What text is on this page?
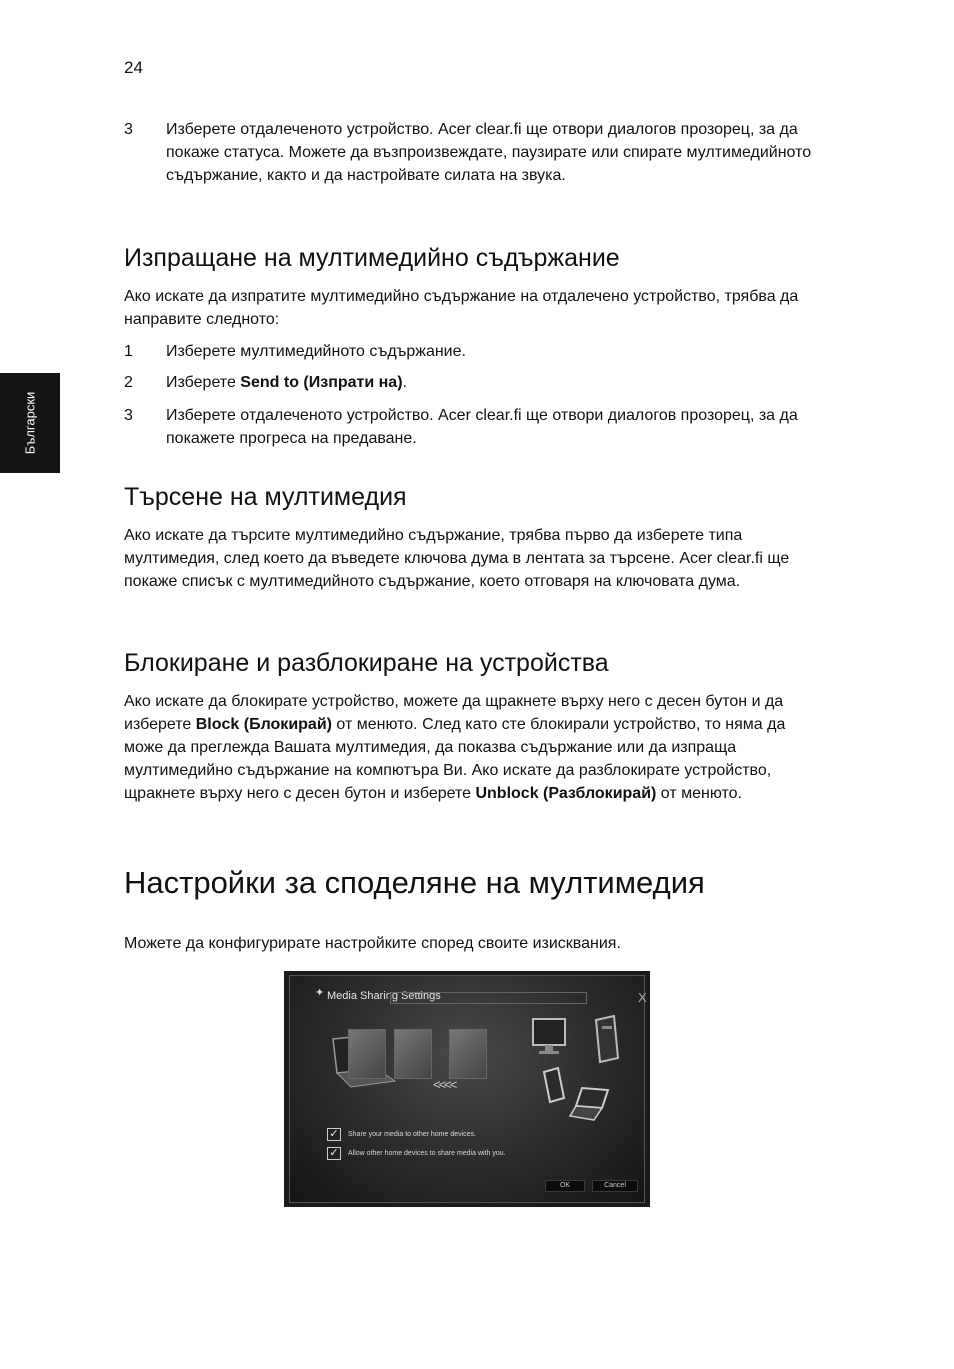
24
Български
3 Изберете отдалеченото устройство. Acer clear.fi ще отвори диалогов прозорец, за да покаже статуса. Можете да възпроизвеждате, паузирате или спирате мултимедийното съдържание, както и да настройвате силата на звука.
Изпращане на мултимедийно съдържание
Ако искате да изпратите мултимедийно съдържание на отдалечено устройство, трябва да направите следното:
1 Изберете мултимедийното съдържание.
2 Изберете Send to (Изпрати на).
3 Изберете отдалеченото устройство. Acer clear.fi ще отвори диалогов прозорец, за да покажете прогреса на предаване.
Търсене на мултимедия
Ако искате да търсите мултимедийно съдържание, трябва първо да изберете типа мултимедия, след което да въведете ключова дума в лентата за търсене. Acer clear.fi ще покаже списък с мултимедийното съдържание, което отговаря на ключовата дума.
Блокиране и разблокиране на устройства
Ако искате да блокирате устройство, можете да щракнете върху него с десен бутон и да изберете Block (Блокирай) от менюто. След като сте блокирали устройство, то няма да може да преглежда Вашата мултимедия, да показва съдържание или да изпраща мултимедийно съдържание на компютъра Ви. Ако искате да разблокирате устройство, щракнете върху него с десен бутон и изберете Unblock (Разблокирай) от менюто.
Настройки за споделяне на мултимедия
Можете да конфигурирате настройките според своите изисквания.
✦ Media Sharing Settings	X
<<<<
✓	Share your media to other home devices.
✓	Allow other home devices to share media with you.
OK	Cancel
